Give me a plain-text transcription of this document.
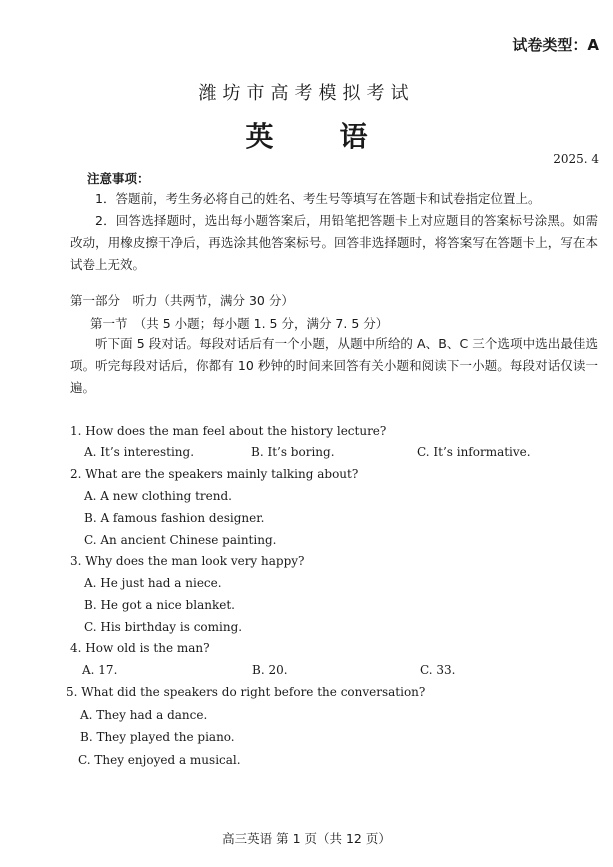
试卷类型：A
潍坊市高考模拟考试
英 语
2025. 4
注意事项：

1．答题前，考生务必将自己的姓名、考生号等填写在答题卡和试卷指定位置上。

2．回答选择题时，选出每小题答案后，用铅笔把答题卡上对应题目的答案标号涂黑。如需改动，用橡皮擦干净后，再选涂其他答案标号。回答非选择题时，将答案写在答题卡上，写在本试卷上无效。

第一部分　听力（共两节，满分 30 分）
第一节　（共 5 小题；每小题 1. 5 分，满分 7. 5 分）
听下面 5 段对话。每段对话后有一个小题，从题中所给的 A、B、C 三个选项中选出最佳选项。听完每段对话后，你都有 10 秒钟的时间来回答有关小题和阅读下一小题。每段对话仅读一遍。
1. How does the man feel about the history lecture?
A. It’s interesting.	B. It’s boring.	C. It’s informative.
2. What are the speakers mainly talking about?
A. A new clothing trend.
B. A famous fashion designer.
C. An ancient Chinese painting.
3. Why does the man look very happy?
A. He just had a niece.
B. He got a nice blanket.
C. His birthday is coming.
4. How old is the man?
A. 17.	B. 20.	C. 33.
5. What did the speakers do right before the conversation?
A. They had a dance.
B. They played the piano.
C. They enjoyed a musical.
高三英语 第 1 页（共 12 页）
